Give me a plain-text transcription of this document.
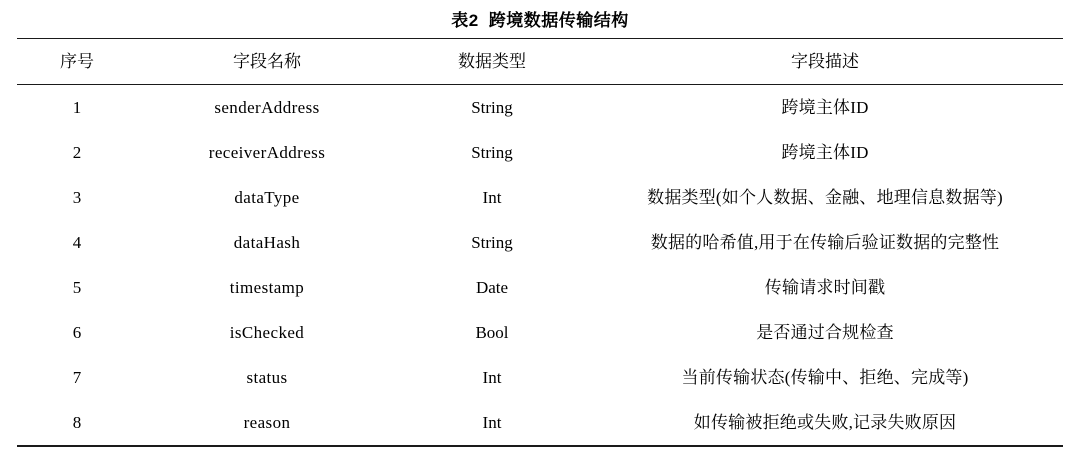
表2 跨境数据传输结构
序号	字段名称	数据类型	字段描述
1	senderAddress	String	跨境主体ID
2	receiverAddress	String	跨境主体ID
3	dataType	Int	数据类型(如个人数据、金融、地理信息数据等)
4	dataHash	String	数据的哈希值,用于在传输后验证数据的完整性
5	timestamp	Date	传输请求时间戳
6	isChecked	Bool	是否通过合规检查
7	status	Int	当前传输状态(传输中、拒绝、完成等)
8	reason	Int	如传输被拒绝或失败,记录失败原因
